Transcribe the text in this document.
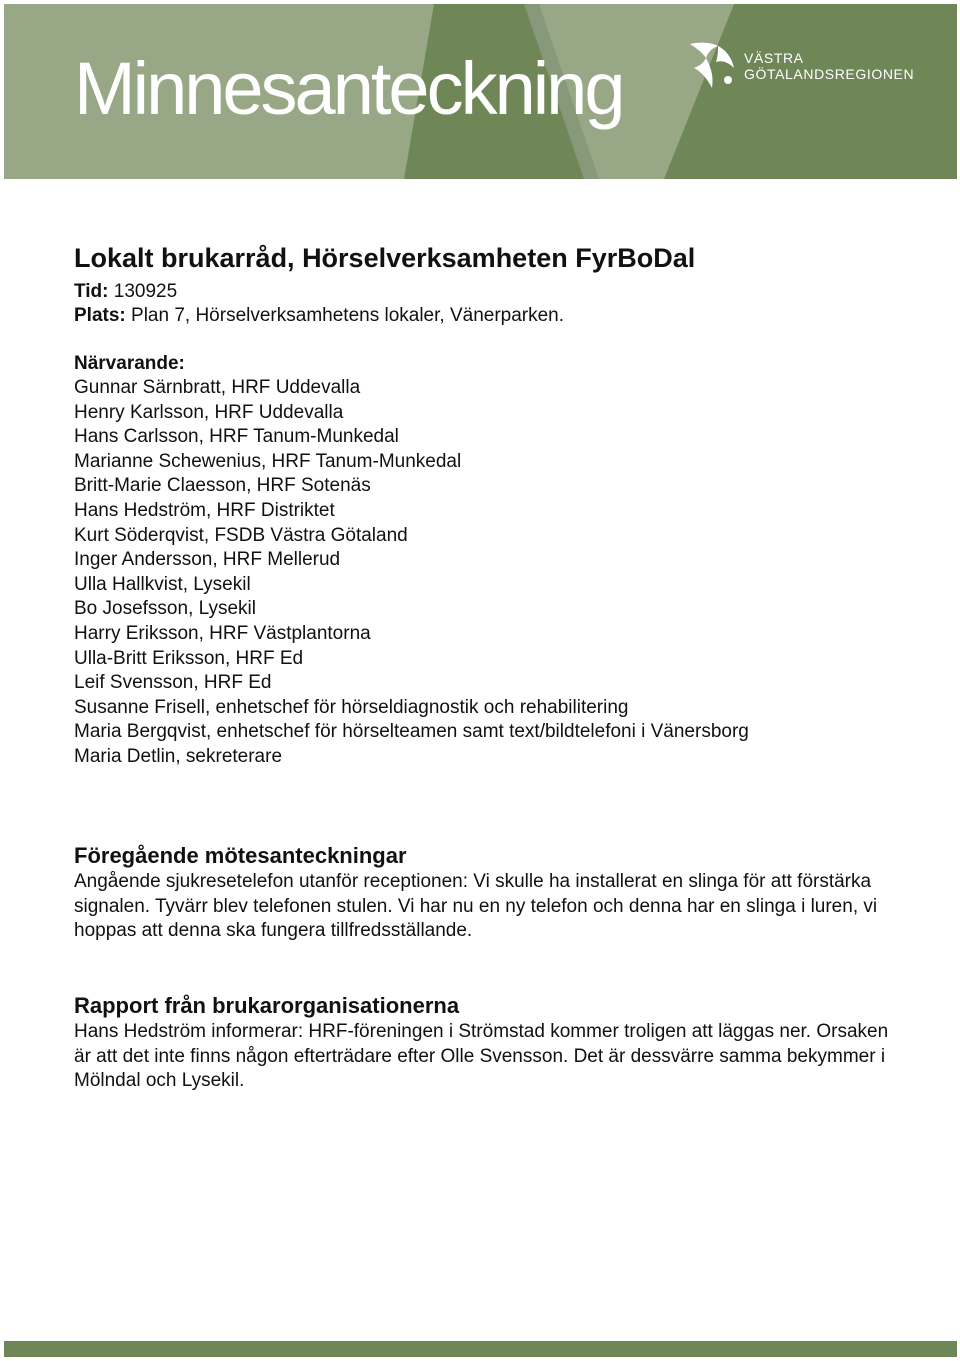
Minnesanteckning	VÄSTRA
GÖTALANDSREGIONEN
Lokalt brukarråd, Hörselverksamheten FyrBoDal
Tid: 130925
Plats: Plan 7, Hörselverksamhetens lokaler, Vänerparken.
Närvarande:
Gunnar Särnbratt, HRF Uddevalla
Henry Karlsson, HRF Uddevalla
Hans Carlsson, HRF Tanum-Munkedal
Marianne Schewenius, HRF Tanum-Munkedal
Britt-Marie Claesson, HRF Sotenäs
Hans Hedström, HRF Distriktet
Kurt Söderqvist, FSDB Västra Götaland
Inger Andersson, HRF Mellerud
Ulla Hallkvist, Lysekil
Bo Josefsson, Lysekil
Harry Eriksson, HRF Västplantorna
Ulla-Britt Eriksson, HRF Ed
Leif Svensson, HRF Ed
Susanne Frisell, enhetschef för hörseldiagnostik och rehabilitering
Maria Bergqvist, enhetschef för hörselteamen samt text/bildtelefoni i Vänersborg
Maria Detlin, sekreterare
Föregående mötesanteckningar

Angående sjukresetelefon utanför receptionen: Vi skulle ha installerat en slinga för att förstärka signalen. Tyvärr blev telefonen stulen. Vi har nu en ny telefon och denna har en slinga i luren, vi hoppas att denna ska fungera tillfredsställande.

Rapport från brukarorganisationerna

Hans Hedström informerar: HRF-föreningen i Strömstad kommer troligen att läggas ner. Orsaken är att det inte finns någon efterträdare efter Olle Svensson. Det är dessvärre samma bekymmer i Mölndal och Lysekil.
